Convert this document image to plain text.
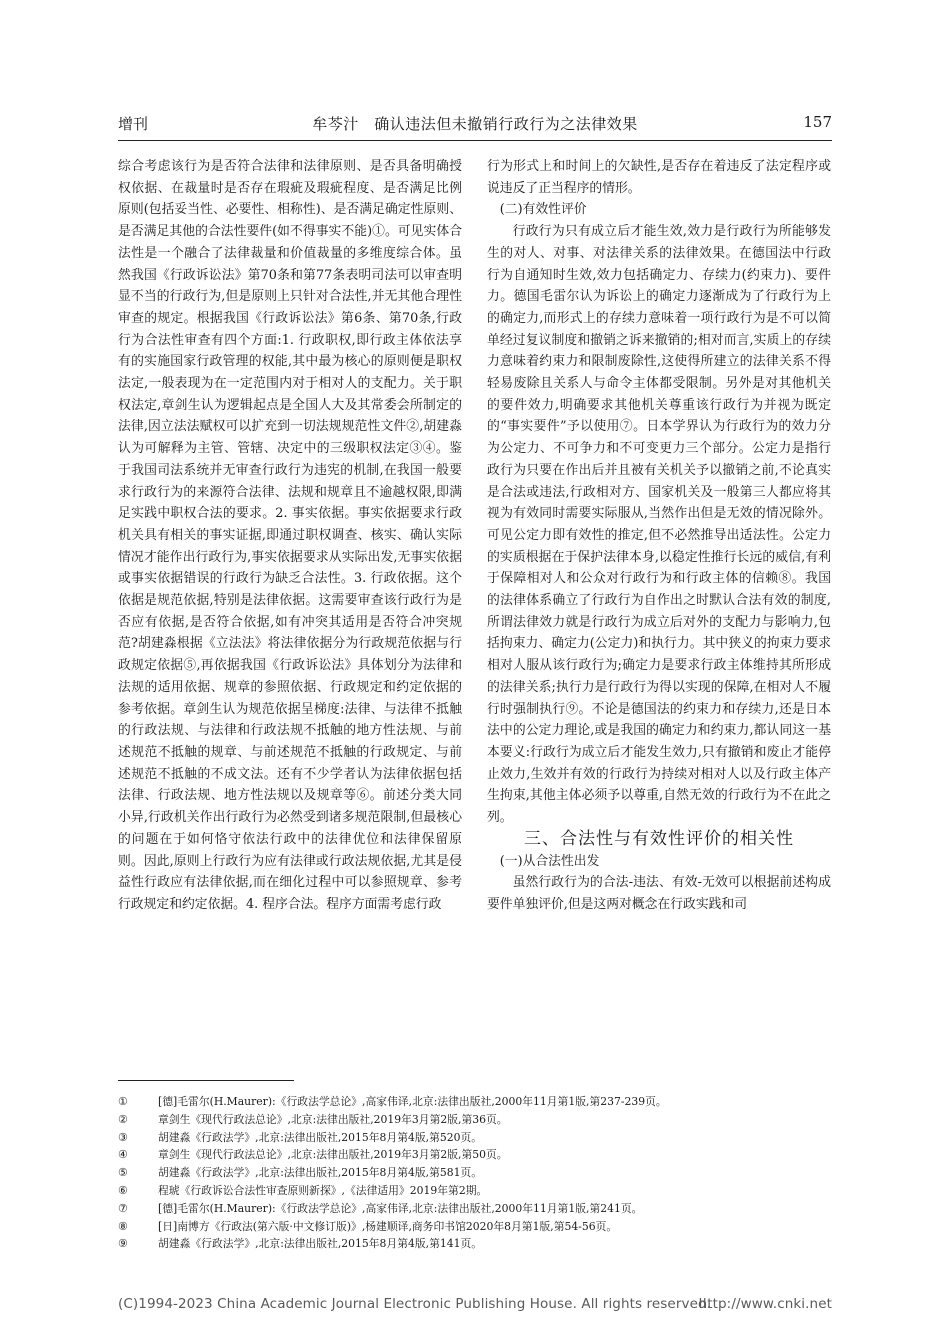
增刊	牟芩汁　确认违法但未撤销行政行为之法律效果	157

综合考虑该行为是否符合法律和法律原则、是否具备明确授权依据、在裁量时是否存在瑕疵及瑕疵程度、是否满足比例原则(包括妥当性、必要性、相称性)、是否满足确定性原则、是否满足其他的合法性要件(如不得事实不能)①。可见实体合法性是一个融合了法律裁量和价值裁量的多维度综合体。虽然我国《行政诉讼法》第70条和第77条表明司法可以审查明显不当的行政行为,但是原则上只针对合法性,并无其他合理性审查的规定。根据我国《行政诉讼法》第6条、第70条,行政行为合法性审查有四个方面:1. 行政职权,即行政主体依法享有的实施国家行政管理的权能,其中最为核心的原则便是职权法定,一般表现为在一定范围内对于相对人的支配力。关于职权法定,章剑生认为逻辑起点是全国人大及其常委会所制定的法律,因立法法赋权可以扩充到一切法规规范性文件②,胡建淼认为可解释为主管、管辖、决定中的三级职权法定③④。鉴于我国司法系统并无审查行政行为违宪的机制,在我国一般要求行政行为的来源符合法律、法规和规章且不逾越权限,即满足实践中职权合法的要求。2. 事实依据。事实依据要求行政机关具有相关的事实证据,即通过职权调查、核实、确认实际情况才能作出行政行为,事实依据要求从实际出发,无事实依据或事实依据错误的行政行为缺乏合法性。3. 行政依据。这个依据是规范依据,特别是法律依据。这需要审查该行政行为是否应有依据,是否符合依据,如有冲突其适用是否符合冲突规范?胡建淼根据《立法法》将法律依据分为行政规范依据与行政规定依据⑤,再依据我国《行政诉讼法》具体划分为法律和法规的适用依据、规章的参照依据、行政规定和约定依据的参考依据。章剑生认为规范依据呈梯度:法律、与法律不抵触的行政法规、与法律和行政法规不抵触的地方性法规、与前述规范不抵触的规章、与前述规范不抵触的行政规定、与前述规范不抵触的不成文法。还有不少学者认为法律依据包括法律、行政法规、地方性法规以及规章等⑥。前述分类大同小异,行政机关作出行政行为必然受到诸多规范限制,但最核心的问题在于如何恪守依法行政中的法律优位和法律保留原则。因此,原则上行政行为应有法律或行政法规依据,尤其是侵益性行政应有法律依据,而在细化过程中可以参照规章、参考行政规定和约定依据。4. 程序合法。程序方面需考虑行政

行为形式上和时间上的欠缺性,是否存在着违反了法定程序或说违反了正当程序的情形。

(二)有效性评价

行政行为只有成立后才能生效,效力是行政行为所能够发生的对人、对事、对法律关系的法律效果。在德国法中行政行为自通知时生效,效力包括确定力、存续力(约束力)、要件力。德国毛雷尔认为诉讼上的确定力逐渐成为了行政行为上的确定力,而形式上的存续力意味着一项行政行为是不可以简单经过复议制度和撤销之诉来撤销的;相对而言,实质上的存续力意味着约束力和限制废除性,这使得所建立的法律关系不得轻易废除且关系人与命令主体都受限制。另外是对其他机关的要件效力,明确要求其他机关尊重该行政行为并视为既定的“事实要件”予以使用⑦。日本学界认为行政行为的效力分为公定力、不可争力和不可变更力三个部分。公定力是指行政行为只要在作出后并且被有关机关予以撤销之前,不论真实是合法或违法,行政相对方、国家机关及一般第三人都应将其视为有效同时需要实际服从,当然作出但是无效的情况除外。可见公定力即有效性的推定,但不必然推导出适法性。公定力的实质根据在于保护法律本身,以稳定性推行长远的威信,有利于保障相对人和公众对行政行为和行政主体的信赖⑧。我国的法律体系确立了行政行为自作出之时默认合法有效的制度,所谓法律效力就是行政行为成立后对外的支配力与影响力,包括拘束力、确定力(公定力)和执行力。其中狭义的拘束力要求相对人服从该行政行为;确定力是要求行政主体维持其所形成的法律关系;执行力是行政行为得以实现的保障,在相对人不履行时强制执行⑨。不论是德国法的约束力和存续力,还是日本法中的公定力理论,或是我国的确定力和约束力,都认同这一基本要义:行政行为成立后才能发生效力,只有撤销和废止才能停止效力,生效并有效的行政行为持续对相对人以及行政主体产生拘束,其他主体必须予以尊重,自然无效的行政行为不在此之列。

三、合法性与有效性评价的相关性

(一)从合法性出发

虽然行政行为的合法-违法、有效-无效可以根据前述构成要件单独评价,但是这两对概念在行政实践和司

①	[德]毛雷尔(H.Maurer):《行政法学总论》,高家伟译,北京:法律出版社,2000年11月第1版,第237-239页。
②	章剑生《现代行政法总论》,北京:法律出版社,2019年3月第2版,第36页。
③	胡建淼《行政法学》,北京:法律出版社,2015年8月第4版,第520页。
④	章剑生《现代行政法总论》,北京:法律出版社,2019年3月第2版,第50页。
⑤	胡建淼《行政法学》,北京:法律出版社,2015年8月第4版,第581页。
⑥	程琥《行政诉讼合法性审查原则新探》,《法律适用》2019年第2期。
⑦	[德]毛雷尔(H.Maurer):《行政法学总论》,高家伟译,北京:法律出版社,2000年11月第1版,第241页。
⑧	[日]南博方《行政法(第六版·中文修订版)》,杨建顺译,商务印书馆2020年8月第1版,第54-56页。
⑨	胡建淼《行政法学》,北京:法律出版社,2015年8月第4版,第141页。
(C)1994-2023 China Academic Journal Electronic Publishing House. All rights reserved.
http://www.cnki.net
